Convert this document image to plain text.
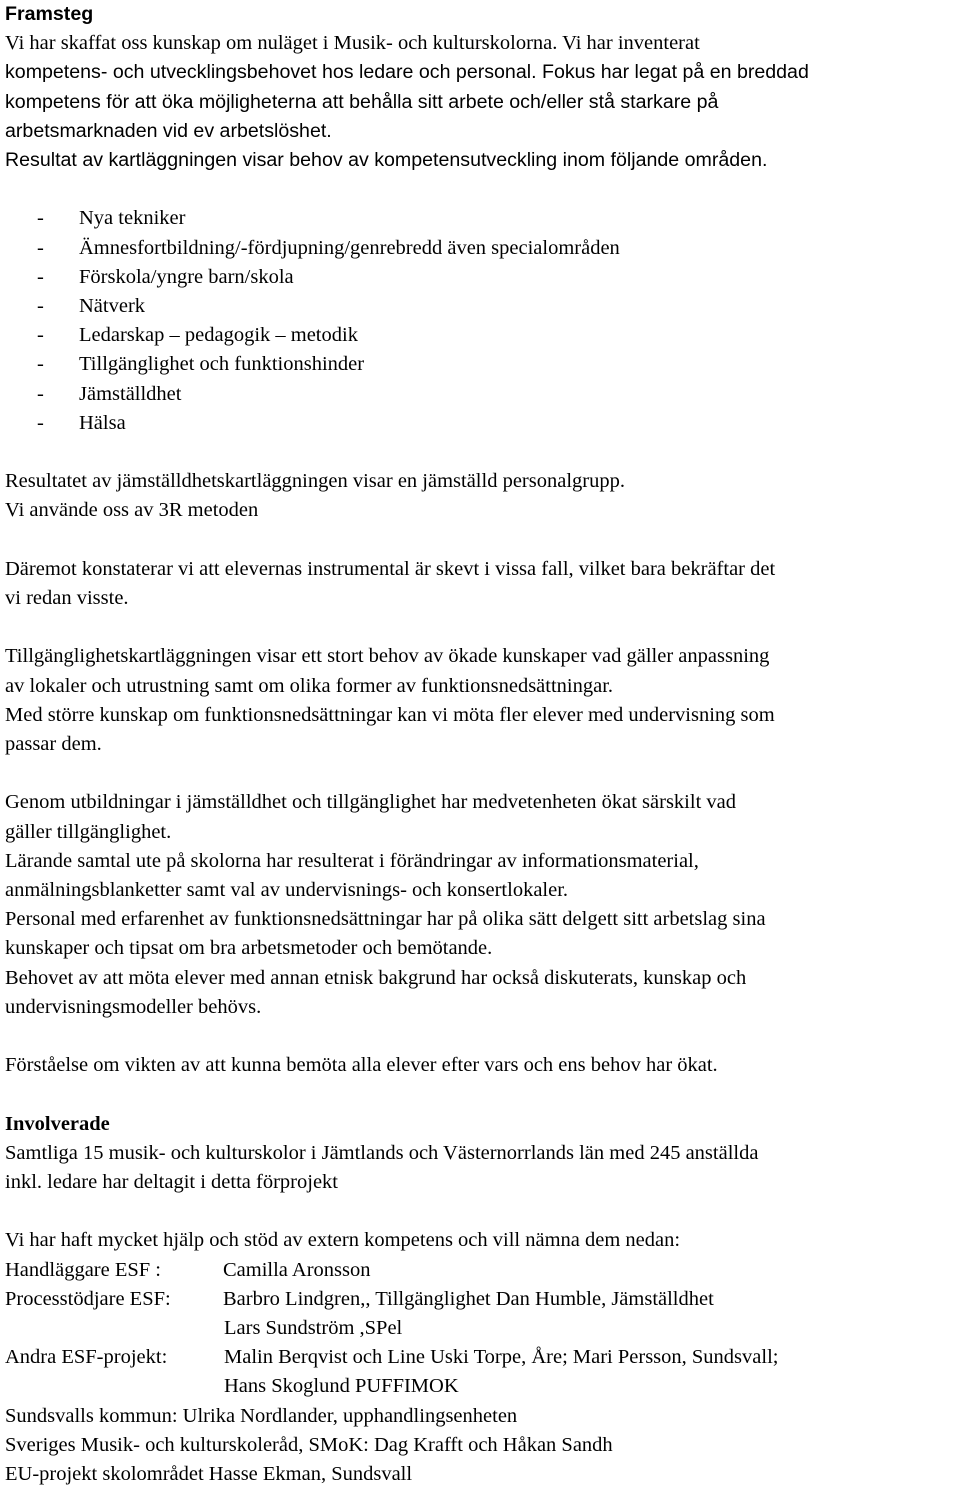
Framsteg

Vi har skaffat oss kunskap om nuläget i Musik- och kulturskolorna. Vi har inventerat

kompetens- och utvecklingsbehovet hos ledare och personal. Fokus har legat på en breddad

kompetens för att öka möjligheterna att behålla sitt arbete och/eller stå starkare på

arbetsmarknaden vid ev arbetslöshet.

Resultat av kartläggningen visar behov av kompetensutveckling inom följande områden.

- Nya tekniker
- Ämnesfortbildning/-fördjupning/genrebredd även specialområden
- Förskola/yngre barn/skola
- Nätverk
- Ledarskap – pedagogik – metodik
- Tillgänglighet och funktionshinder
- Jämställdhet
- Hälsa

Resultatet av jämställdhetskartläggningen visar en jämställd personalgrupp.

Vi använde oss av 3R metoden

Däremot konstaterar vi att elevernas instrumental är skevt i vissa fall, vilket bara bekräftar det

vi redan visste.

Tillgänglighetskartläggningen visar ett stort behov av ökade kunskaper vad gäller anpassning

av lokaler och utrustning samt om olika former av funktionsnedsättningar.

Med större kunskap om funktionsnedsättningar kan vi möta fler elever med undervisning som

passar dem.

Genom utbildningar i jämställdhet och tillgänglighet har medvetenheten ökat särskilt vad

gäller tillgänglighet.

Lärande samtal ute på skolorna har resulterat i förändringar av informationsmaterial,

anmälningsblanketter samt val av undervisnings- och konsertlokaler.

Personal med erfarenhet av funktionsnedsättningar har på olika sätt delgett sitt arbetslag sina

kunskaper och tipsat om bra arbetsmetoder och bemötande.

Behovet av att möta elever med annan etnisk bakgrund har också diskuterats, kunskap och

undervisningsmodeller behövs.

Förståelse om vikten av att kunna bemöta alla elever efter vars och ens behov har ökat.

Involverade

Samtliga 15 musik- och kulturskolor i Jämtlands och Västernorrlands län med 245 anställda

inkl. ledare har deltagit i detta förprojekt

Vi har haft mycket hjälp och stöd av extern kompetens och vill nämna dem nedan:

Handläggare ESF :	Camilla Aronsson
Processtödjare ESF:	Barbro Lindgren,, Tillgänglighet Dan Humble, Jämställdhet

Lars Sundström ,SPel

Andra ESF-projekt:	Malin Berqvist och Line Uski Torpe, Åre; Mari Persson, Sundsvall;

Hans Skoglund PUFFIMOK

Sundsvalls kommun: Ulrika Nordlander, upphandlingsenheten

Sveriges Musik- och kulturskoleråd, SMoK: Dag Krafft och Håkan Sandh

EU-projekt skolområdet Hasse Ekman, Sundsvall
